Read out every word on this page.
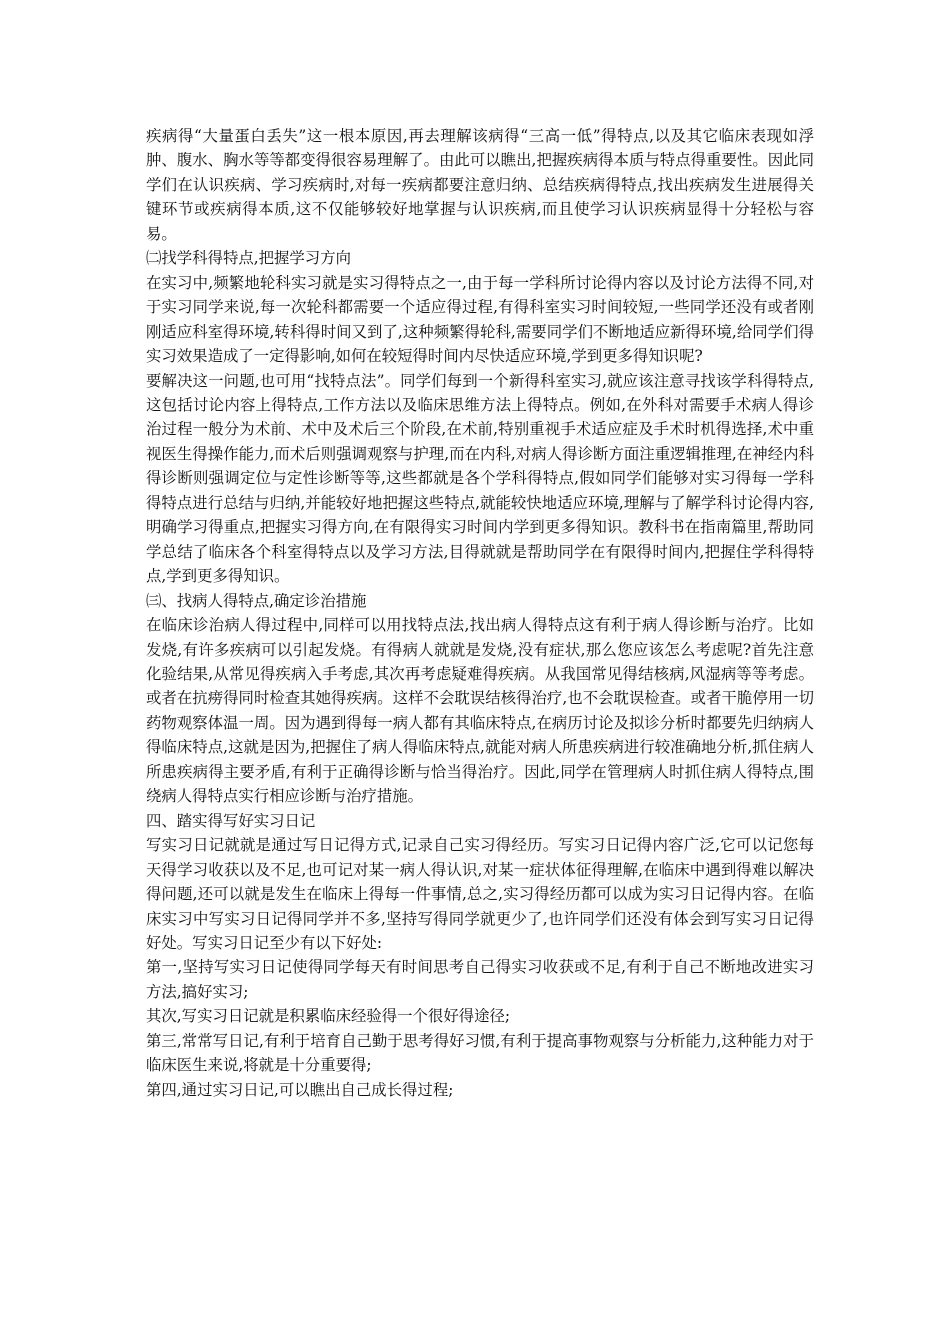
疾病得“大量蛋白丢失”这一根本原因,再去理解该病得“三高一低”得特点,以及其它临床表现如浮肿、腹水、胸水等等都变得很容易理解了。由此可以瞧出,把握疾病得本质与特点得重要性。因此同学们在认识疾病、学习疾病时,对每一疾病都要注意归纳、总结疾病得特点,找出疾病发生进展得关键环节或疾病得本质,这不仅能够较好地掌握与认识疾病,而且使学习认识疾病显得十分轻松与容易。

㈡找学科得特点,把握学习方向

在实习中,频繁地轮科实习就是实习得特点之一,由于每一学科所讨论得内容以及讨论方法得不同,对于实习同学来说,每一次轮科都需要一个适应得过程,有得科室实习时间较短,一些同学还没有或者刚刚适应科室得环境,转科得时间又到了,这种频繁得轮科,需要同学们不断地适应新得环境,给同学们得实习效果造成了一定得影响,如何在较短得时间内尽快适应环境,学到更多得知识呢?

要解决这一问题,也可用“找特点法”。同学们每到一个新得科室实习,就应该注意寻找该学科得特点,这包括讨论内容上得特点,工作方法以及临床思维方法上得特点。例如,在外科对需要手术病人得诊治过程一般分为术前、术中及术后三个阶段,在术前,特别重视手术适应症及手术时机得选择,术中重视医生得操作能力,而术后则强调观察与护理,而在内科,对病人得诊断方面注重逻辑推理,在神经内科得诊断则强调定位与定性诊断等等,这些都就是各个学科得特点,假如同学们能够对实习得每一学科得特点进行总结与归纳,并能较好地把握这些特点,就能较快地适应环境,理解与了解学科讨论得内容,明确学习得重点,把握实习得方向,在有限得实习时间内学到更多得知识。教科书在指南篇里,帮助同学总结了临床各个科室得特点以及学习方法,目得就就是帮助同学在有限得时间内,把握住学科得特点,学到更多得知识。

㈢、找病人得特点,确定诊治措施

在临床诊治病人得过程中,同样可以用找特点法,找出病人得特点这有利于病人得诊断与治疗。比如发烧,有许多疾病可以引起发烧。有得病人就就是发烧,没有症状,那么您应该怎么考虑呢?首先注意化验结果,从常见得疾病入手考虑,其次再考虑疑难得疾病。从我国常见得结核病,风湿病等等考虑。或者在抗痨得同时检查其她得疾病。这样不会耽误结核得治疗,也不会耽误检查。或者干脆停用一切药物观察体温一周。因为遇到得每一病人都有其临床特点,在病历讨论及拟诊分析时都要先归纳病人得临床特点,这就是因为,把握住了病人得临床特点,就能对病人所患疾病进行较准确地分析,抓住病人所患疾病得主要矛盾,有利于正确得诊断与恰当得治疗。因此,同学在管理病人时抓住病人得特点,围绕病人得特点实行相应诊断与治疗措施。

四、踏实得写好实习日记

写实习日记就就是通过写日记得方式,记录自己实习得经历。写实习日记得内容广泛,它可以记您每天得学习收获以及不足,也可记对某一病人得认识,对某一症状体征得理解,在临床中遇到得难以解决得问题,还可以就是发生在临床上得每一件事情,总之,实习得经历都可以成为实习日记得内容。在临床实习中写实习日记得同学并不多,坚持写得同学就更少了,也许同学们还没有体会到写实习日记得好处。写实习日记至少有以下好处:

第一,坚持写实习日记使得同学每天有时间思考自己得实习收获或不足,有利于自己不断地改进实习方法,搞好实习;

其次,写实习日记就是积累临床经验得一个很好得途径;

第三,常常写日记,有利于培育自己勤于思考得好习惯,有利于提高事物观察与分析能力,这种能力对于临床医生来说,将就是十分重要得;

第四,通过实习日记,可以瞧出自己成长得过程;
